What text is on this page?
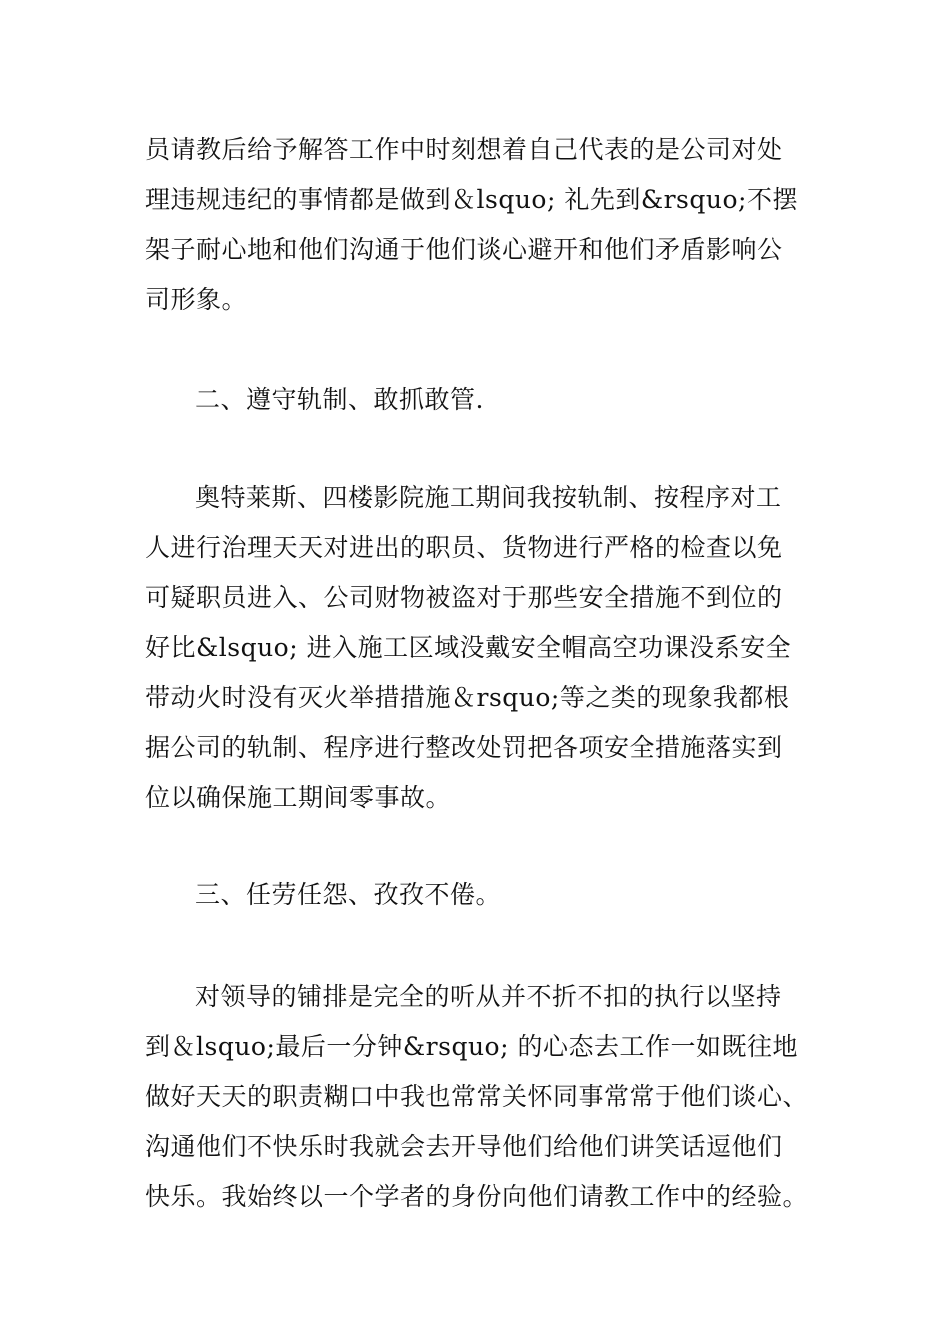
员请教后给予解答工作中时刻想着自己代表的是公司对处
理违规违纪的事情都是做到＆lsquo; 礼先到&rsquo;不摆
架子耐心地和他们沟通于他们谈心避开和他们矛盾影响公
司形象。
二、遵守轨制、敢抓敢管.
奥特莱斯、四楼影院施工期间我按轨制、按程序对工
人进行治理天天对进出的职员、货物进行严格的检查以免
可疑职员进入、公司财物被盗对于那些安全措施不到位的
好比&lsquo; 进入施工区域没戴安全帽高空功课没系安全
带动火时没有灭火举措措施＆rsquo;等之类的现象我都根
据公司的轨制、程序进行整改处罚把各项安全措施落实到
位以确保施工期间零事故。
三、任劳任怨、孜孜不倦。
对领导的铺排是完全的听从并不折不扣的执行以坚持
到＆lsquo;最后一分钟&rsquo; 的心态去工作一如既往地
做好天天的职责糊口中我也常常关怀同事常常于他们谈心、
沟通他们不快乐时我就会去开导他们给他们讲笑话逗他们
快乐。我始终以一个学者的身份向他们请教工作中的经验。
